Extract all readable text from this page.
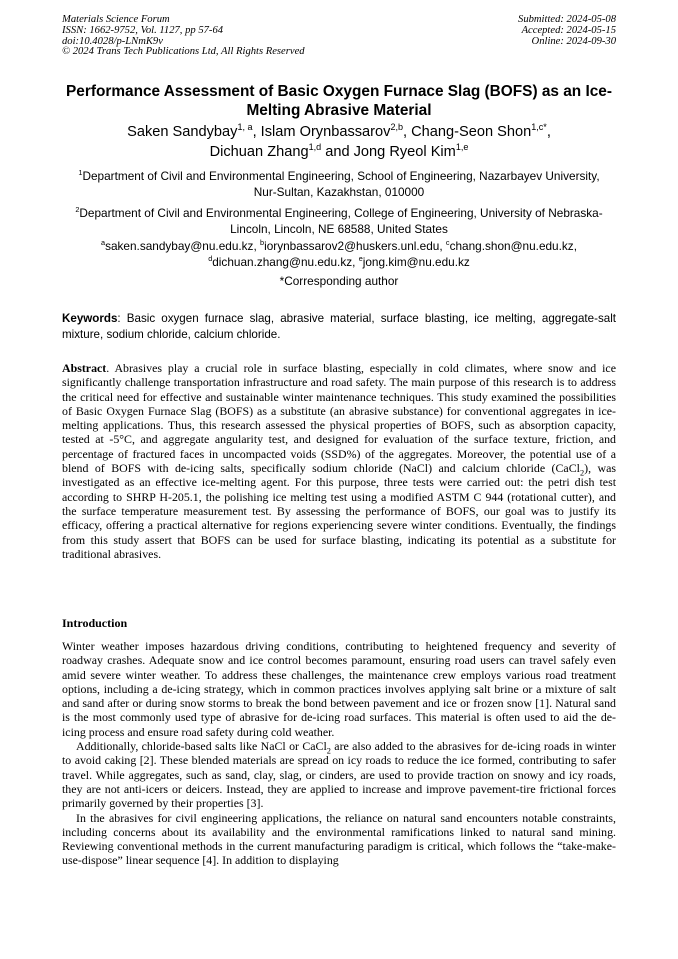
Materials Science Forum
ISSN: 1662-9752, Vol. 1127, pp 57-64
doi:10.4028/p-LNmK9v
© 2024 Trans Tech Publications Ltd, All Rights Reserved
Submitted: 2024-05-08
Accepted: 2024-05-15
Online: 2024-09-30
Performance Assessment of Basic Oxygen Furnace Slag (BOFS) as an Ice-Melting Abrasive Material
Saken Sandybay$^{1, a}$, Islam Orynbassarov$^{2,b}$, Chang-Seon Shon$^{1,c*}$,
Dichuan Zhang$^{1,d}$ and Jong Ryeol Kim$^{1,e}$
$^1$Department of Civil and Environmental Engineering, School of Engineering, Nazarbayev University, Nur-Sultan, Kazakhstan, 010000
$^2$Department of Civil and Environmental Engineering, College of Engineering, University of Nebraska-Lincoln, Lincoln, NE 68588, United States
$^a$saken.sandybay@nu.edu.kz, $^b$iorynbassarov2@huskers.unl.edu, $^c$chang.shon@nu.edu.kz,
$^d$dichuan.zhang@nu.edu.kz, $^e$jong.kim@nu.edu.kz
*Corresponding author
Keywords: Basic oxygen furnace slag, abrasive material, surface blasting, ice melting, aggregate-salt mixture, sodium chloride, calcium chloride.
Abstract. Abrasives play a crucial role in surface blasting, especially in cold climates, where snow and ice significantly challenge transportation infrastructure and road safety. The main purpose of this research is to address the critical need for effective and sustainable winter maintenance techniques. This study examined the possibilities of Basic Oxygen Furnace Slag (BOFS) as a substitute (an abrasive substance) for conventional aggregates in ice-melting applications. Thus, this research assessed the physical properties of BOFS, such as absorption capacity, tested at -5°C, and aggregate angularity test, and designed for evaluation of the surface texture, friction, and percentage of fractured faces in uncompacted voids (SSD%) of the aggregates. Moreover, the potential use of a blend of BOFS with de-icing salts, specifically sodium chloride (NaCl) and calcium chloride (CaCl$_2$), was investigated as an effective ice-melting agent. For this purpose, three tests were carried out: the petri dish test according to SHRP H-205.1, the polishing ice melting test using a modified ASTM C 944 (rotational cutter), and the surface temperature measurement test. By assessing the performance of BOFS, our goal was to justify its efficacy, offering a practical alternative for regions experiencing severe winter conditions. Eventually, the findings from this study assert that BOFS can be used for surface blasting, indicating its potential as a substitute for traditional abrasives.
Introduction

Winter weather imposes hazardous driving conditions, contributing to heightened frequency and severity of roadway crashes. Adequate snow and ice control becomes paramount, ensuring road users can travel safely even amid severe winter weather. To address these challenges, the maintenance crew employs various road treatment options, including a de-icing strategy, which in common practices involves applying salt brine or a mixture of salt and sand after or during snow storms to break the bond between pavement and ice or frozen snow [1]. Natural sand is the most commonly used type of abrasive for de-icing road surfaces. This material is often used to aid the de-icing process and ensure road safety during cold weather.

Additionally, chloride-based salts like NaCl or CaCl$_2$ are also added to the abrasives for de-icing roads in winter to avoid caking [2]. These blended materials are spread on icy roads to reduce the ice formed, contributing to safer travel. While aggregates, such as sand, clay, slag, or cinders, are used to provide traction on snowy and icy roads, they are not anti-icers or deicers. Instead, they are applied to increase and improve pavement-tire frictional forces primarily governed by their properties [3].

In the abrasives for civil engineering applications, the reliance on natural sand encounters notable constraints, including concerns about its availability and the environmental ramifications linked to natural sand mining. Reviewing conventional methods in the current manufacturing paradigm is critical, which follows the “take-make-use-dispose” linear sequence [4]. In addition to displaying
